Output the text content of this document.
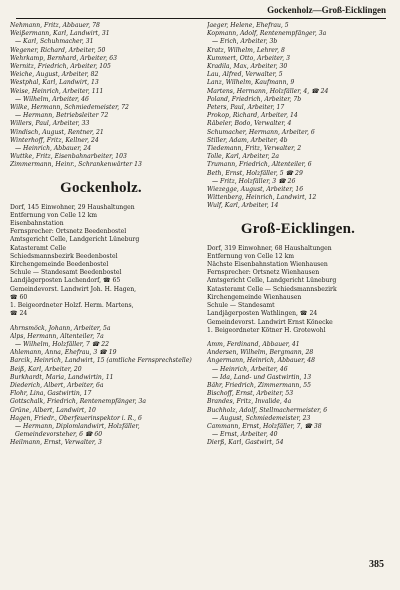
Gockenholz—Groß-Eicklingen
Nehmann, Fritz, Abbauer, 78
Weißermann, Karl, Landwirt, 31
— Karl, Schuhmacher, 31
Wegener, Richard, Arbeiter, 50
Wehrkamp, Bernhard, Arbeiter, 63
Wernitz, Friedrich, Arbeiter, 105
Weiche, August, Arbeiter, 82
Westphal, Karl, Landwirt, 13
Weise, Heinrich, Arbeiter, 111
— Wilhelm, Arbeiter, 46
Wilke, Hermann, Schmiedemeister, 72
— Hermann, Betriebsleiter 72
Willers, Paul, Arbeiter, 33
Windisch, August, Rentner, 21
Winterhoff, Fritz, Kellner, 24
— Heinrich, Abbauer, 24
Wuttke, Fritz, Eisenbahnarbeiter, 103
Zimmermann, Heinr., Schrankenwärter 13
Gockenholz.
Dorf, 145 Einwohner, 29 Haushaltungen
Entfernung von Celle 12 km
Eisenbahnstation
Fernsprecher: Ortsnetz Beedenbostel
Amtsgericht Celle, Landgericht Lüneburg
Katasteramt Celle
Schiedsmannsbezirk Beedenbostel
Kirchengemeinde Beedenbostel
Schule — Standesamt Beedenbostel
Landjägerposten Lachendorf, ☎ 65
Gemeindevorst. Landwirt Joh. H. Hagen,
☎ 60
1. Beigeordneter Holzf. Herm. Martens,
☎ 24
Ahrnsmöck, Johann, Arbeiter, 5a
Alps, Hermann, Altenteiler, 7a
— Wilhelm, Holzfäller, 7 ☎ 22
Ahlemann, Anna, Ehefrau, 3 ☎ 19
Barcik, Heinrich, Landwirt, 15 (amtliche Fernsprechstelle)
Beiß, Karl, Arbeiter, 20
Burkhardt, Maria, Landwirtin, 11
Diederich, Albert, Arbeiter, 6a
Flohr, Lina, Gastwirtin, 17
Gottschalk, Friedrich, Rentenempfänger, 3a
Grüne, Albert, Landwirt, 10
Hagen, Friedr., Oberfeuerinspektor i. R., 6
— Hermann, Diplomlandwirt, Holzfäller,
Gemeindevorsteher, 6 ☎ 60
Heilmann, Ernst, Verwalter, 3
Jaeger, Helene, Ehefrau, 5
Kopmann, Adolf, Rentenempfänger, 3a
— Erich, Arbeiter, 3b
Kratz, Wilhelm, Lehrer, 8
Kummert, Otto, Arbeiter, 3
Kradila, Max, Arbeiter, 30
Lau, Alfred, Verwalter, 5
Lanz, Wilhelm, Kaufmann, 9
Martens, Hermann, Holzfäller, 4, ☎ 24
Poland, Friedrich, Arbeiter, 7b
Peters, Paul, Arbeiter, 17
Prokop, Richard, Arbeiter, 14
Räbeler, Bodo, Verwalter, 4
Schumacher, Hermann, Arbeiter, 6
Stiller, Adam, Arbeiter, 4b
Tiedemann, Fritz, Verwalter, 2
Tolle, Karl, Arbeiter, 2a
Trumann, Friedrich, Altenteiler, 6
Beth, Ernst, Holzfäller, 5 ☎ 29
— Fritz, Holzfäller, 3 ☎ 26
Wiezegge, August, Arbeiter, 16
Wittenberg, Heinrich, Landwirt, 12
Wulf, Karl, Arbeiter, 14
Groß-Eicklingen.
Dorf, 319 Einwohner, 68 Haushaltungen
Entfernung von Celle 12 km
Nächste Eisenbahnstation Wienhausen
Fernsprecher: Ortsnetz Wienhausen
Amtsgericht Celle, Landgericht Lüneburg
Katasteramt Celle — Schiedsmannsbezirk
Kirchengemeinde Wienhausen
Schule — Standesamt
Landjägerposten Wathlingen, ☎ 24
Gemeindevorst. Landwirt Ernst Könecke
1. Beigeordneter Kötner H. Grotewohl
Amm, Ferdinand, Abbauer, 41
Andersen, Wilhelm, Bergmann, 28
Angermann, Heinrich, Abbauer, 48
— Heinrich, Arbeiter, 46
— Ida, Land- und Gastwirtin, 13
Bähr, Friedrich, Zimmermann, 55
Bischoff, Ernst, Arbeiter, 53
Brandes, Fritz, Invalide, 4a
Buchholz, Adolf, Stellmachermeister, 6
— August, Schmiedemeister, 23
Cammann, Ernst, Holzfäller, 7, ☎ 38
— Ernst, Arbeiter, 40
Dierß, Karl, Gastwirt, 54
385
